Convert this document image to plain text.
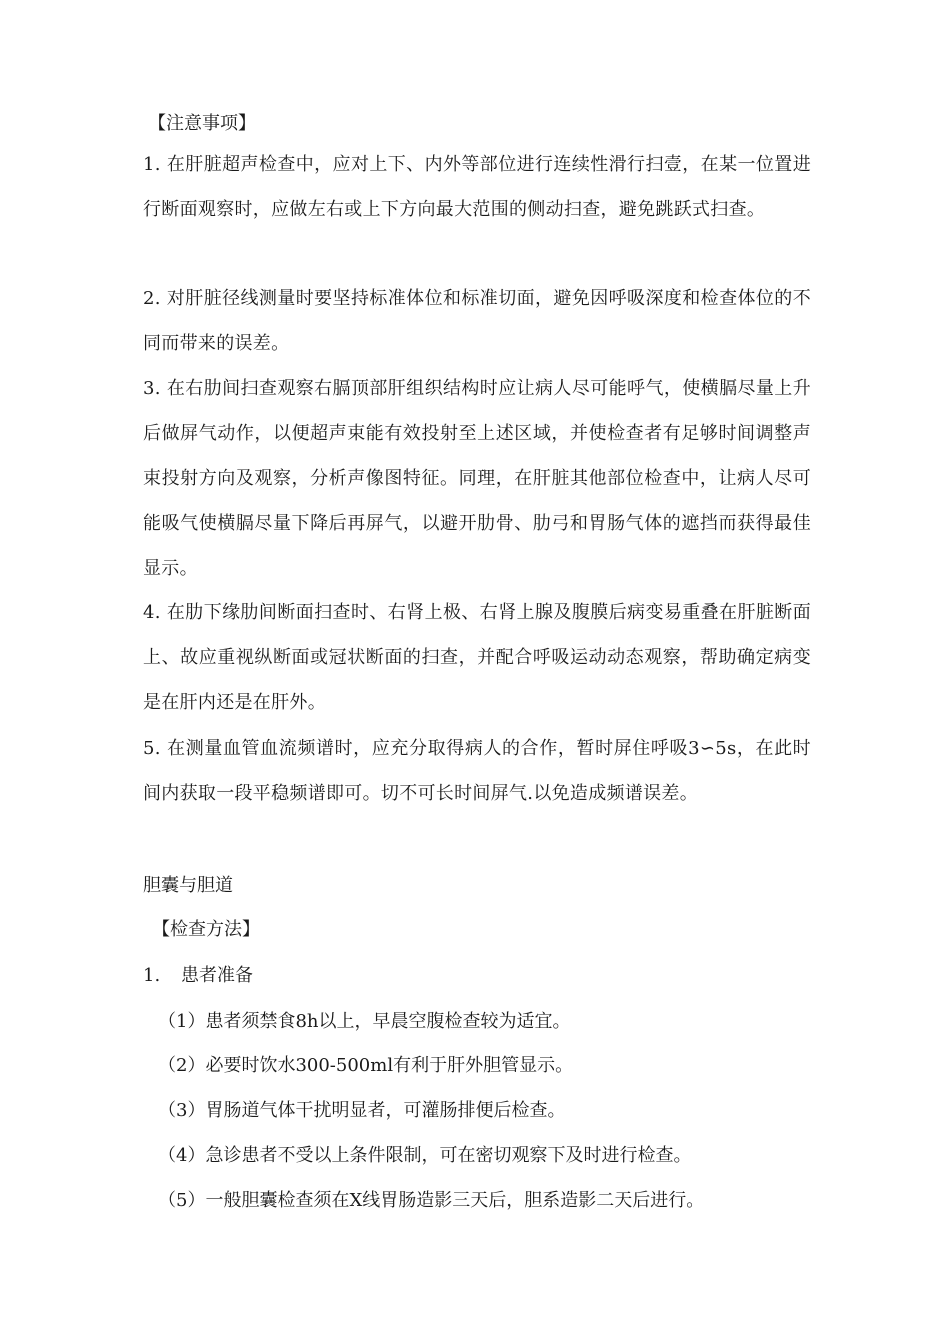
【注意事项】
1. 在肝脏超声检查中，应对上下、内外等部位进行连续性滑行扫壹，在某一位置进行断面观察时，应做左右或上下方向最大范围的侧动扫查，避免跳跃式扫查。
2. 对肝脏径线测量时要坚持标准体位和标准切面，避免因呼吸深度和检查体位的不同而带来的误差。
3. 在右肋间扫查观察右膈顶部肝组织结构时应让病人尽可能呼气，使横膈尽量上升后做屏气动作，以便超声束能有效投射至上述区域，并使检查者有足够时间调整声束投射方向及观察，分析声像图特征。同理，在肝脏其他部位检查中，让病人尽可能吸气使横膈尽量下降后再屏气，以避开肋骨、肋弓和胃肠气体的遮挡而获得最佳显示。
4. 在肋下缘肋间断面扫查时、右肾上极、右肾上腺及腹膜后病变易重叠在肝脏断面上、故应重视纵断面或冠状断面的扫查，并配合呼吸运动动态观察，帮助确定病变是在肝内还是在肝外。
5. 在测量血管血流频谱时，应充分取得病人的合作，暂时屏住呼吸3∽5s，在此时间内获取一段平稳频谱即可。切不可长时间屏气.以免造成频谱误差。
胆囊与胆道
【检查方法】
1. 患者准备
（1）患者须禁食8h以上，早晨空腹检查较为适宜。
（2）必要时饮水300-500ml有利于肝外胆管显示。
（3）胃肠道气体干扰明显者，可灌肠排便后检查。
（4）急诊患者不受以上条件限制，可在密切观察下及时进行检查。
（5）一般胆囊检查须在X线胃肠造影三天后，胆系造影二天后进行。
